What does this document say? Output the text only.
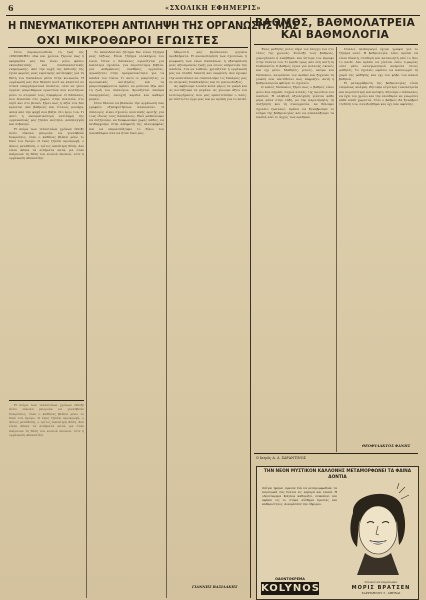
6	«ΣΧΟΛΙΚΗ ΕΦΗΜΕΡΙΣ»
Η ΠΝΕΥΜΑΤΙΚΟΤΕΡΗ ΑΝΤΙΛΗΨΗ ΤΗΣ ΟΡΓΑΝΩΣΗΣ ΜΑΣ
ΟΧΙ ΜΙΚΡΟΘΩΡΟΙ ΕΓΩΙΣΤΕΣ

Όσοι παρακολουθούν τη ζωή της «ΣΧΟΛΙΚΗΣ» εδώ και χρόνια, ξέρουν πως η εφημερίδα μας δεν είναι μόνο φύλλο εκπαιδευτικής και συνδικαλιστικής ενημέρωσης. Από την αρχή της έκδοσής της έγινε φορέας μιας ευρύτερης αντίληψης για τη θέση του δασκάλου μέσα στην κοινωνία. Η οργάνωσή μας δεν θέλησε ποτέ να κλειστεί σε στενά επαγγελματικά πλαίσια, ούτε να γίνει όργανο μικροθώρων εγωιστών που κοιτάζουν μόνο το ατομικό τους συμφέρον. Ο δάσκαλος που δουλεύει στο χωριό, στην πολιτεία, στο νησί και στο βουνό, ξέρει πως η αξία του δεν κρίνεται από βαθμούς και τίτλους μονάχα, αλλά από την ψυχή που βάζει στο έργο του. Γι αυτό η πνευματικότερη αντίληψη της οργανώσεώς μας ζητάει ενότητα, αλληλεγγύη και σεβασμό.

Η πείρα των τελευταίων χρόνων έδειξε πόσο εύκολα μπορούν να γεννηθούν διαιρέσεις, όταν ο καθένας βλέπει μόνο το δικό του δρόμο. Ο ένας ζητάει προαγωγή, ο άλλος μετάθεση, ο τρίτος καλύτερη θέση. Δεν είναι άδικα τα αιτήματα αυτά, μα όταν παίρνουν τη θέση του κοινού σκοπού, τότε η οργάνωση αδυνατίζει.

Το εκπαιδευτικό ζήτημα δεν είναι ζήτημα μιας τάξεως. Είναι ζήτημα ολόκληρου του λαού. Όταν ο δάσκαλος αγωνίζεται για καλύτερα σχολεία, για περισσότερα βιβλία, για ανθρώπινες συνθήκες εργασίας, αγωνίζεται στην πραγματικότητα για τα παιδιά του τόπου. Γι αυτό οι μικρότητες, οι προσωπικές αντιζηλίες και τα μικροσυμφέροντα πρέπει να μείνουν έξω από τη ζωή του συλλόγου. Χρειάζεται πνεύμα συνεργασίας, ανοιχτή καρδιά και καθαρό μυαλό.

Όσοι θέλουν να βλέπουν την οργάνωση σαν γραφείο εξυπηρετήσεων πλανώνται. Ο σύλλογος είναι σχολείο πολιτικής αρετής για τους ίδιους τους δασκάλους. Εκεί μαθαίνουμε να συζητούμε, να διαφωνούμε χωρίς πάθος, να πειθαρχούμε στην απόφαση της πλειοψηφίας και να υπερασπίζουμε το δίκιο του συναδέλφου σαν να ήταν δικό μας.

Μπροστά μας βρίσκονται μεγάλα προβλήματα. Η ανοικοδόμηση των σχολείων, η μόρφωση των νέων δασκάλων, η εξασφάλιση μιας αξιοπρεπούς ζωής για όσους υπηρετούν την παιδεία. Για να λυθούν, χρειάζεται η οργάνωσή μας να σταθεί δυνατή και ενωμένη. Δεν έχουμε την πολυτέλεια να σπαταλούμε τις δυνάμεις μας σε ατομικές διεκδικήσεις και σε ματαιοδοξίες.

Ας αφήσουμε λοιπόν κατά μέρος τα μικρά και ας κοιτάξουμε τα μεγάλα. Ας γίνουμε άξιοι του λειτουργήματος που μας εμπιστεύτηκε ο λαός, με πίστη στο έργο μας και με αγάπη για το παιδί.

ΓΙΑΝΝΗΣ ΒΑΣΙΛΑΚΗΣ

Η πείρα των τελευταίων χρόνων έδειξε πόσο εύκολα μπορούν να γεννηθούν διαιρέσεις, όταν ο καθένας βλέπει μόνο το δικό του δρόμο. Ο ένας ζητάει προαγωγή, ο άλλος μετάθεση, ο τρίτος καλύτερη θέση. Δεν είναι άδικα τα αιτήματα αυτά, μα όταν παίρνουν τη θέση του κοινού σκοπού, τότε η οργάνωση αδυνατίζει.

ΒΑΘΜΟΣ, ΒΑΘΜΟΛΑΤΡΕΙΑ
ΚΑΙ ΒΑΘΜΟΛΟΓΙΑ

Ένας μαθητής μόλις πήρε τον έλεγχο του στο τέλος της χρονιάς. Κοίταξε τους βαθμούς, χαμογέλασε ή λυπήθηκε, και ύστερα τον έκρυψε στην τσάντα του. Τι έμαθε όμως από όλη αυτή τη διαδικασία; Ο βαθμός έγινε για πολλούς σκοπός και όχι μέσο. Μαθητές, γονείς, ακόμα και δάσκαλοι, λατρεύουν τον αριθμό και ξεχνούν τη γνώση που υποτίθεται πως εκφράζει. Αυτή η βαθμολατρεία φθείρει το σχολείο.

Ο καλός δάσκαλος ξέρει πως ο βαθμός είναι μόνο ένα σημάδι, συχνά ατελές, της προόδου του παιδιού. Η αληθινή αξιολόγηση γίνεται κάθε μέρα μέσα στην τάξη, με την παρατήρηση, τη συζήτηση και τη συνεργασία. Αν θέλουμε σχολείο ζωντανό, πρέπει να ξαναβρούμε το νόημα της βαθμολογίας και να απαλλάξουμε τα παιδιά από το άγχος των αριθμών.

Πολλοί παιδαγωγοί έχουν γράψει για το ζήτημα αυτό. Η βαθμολογία, λένε, πρέπει να είναι δίκαιη, σταθερή και κατανοητή από το ίδιο το παιδί. Δεν πρέπει να γίνεται όπλο τιμωρίας ούτε μέσο ανταγωνισμού ανάμεσα στους μαθητές. Το σχολείο οφείλει να καλλιεργεί τη χαρά της μάθησης και όχι τον φόβο του κακού βαθμού.

Η μεταρρύθμιση της βαθμολογίας είναι επομένως ανάγκη. Ζητούμε λιγότερη τυπολατρεία και περισσότερη κατανόηση. Ζητούμε ο δάσκαλος να έχει τον χρόνο και την ελευθερία να γνωρίσει κάθε παιδί χωριστά. Τότε ο βαθμός θα ξαναβρεί τη θέση του, σαν βοήθημα και όχι σαν αφέντης.

ΘΕΟΦΥΛΑΚΤΟΣ ΦΑΝΗΣ
Ο Ιατρός Α. Δ. ΣΑΡΑΝΤΙΝΟΣ
ΤΗΝ ΝΕΟΝ ΜΥΣΤΙΚΟΝ ΚΑΛΛΟΝΗΣ ΜΕΤΑΜΟΡΦΩΝΕΙ ΤΑ ΦΑΙΝΑ ΔΟΝΤΙΑ
Ολίγαι ημέραι αρκούν διά να μεταμορφωθούν τα κιτρινωπά σας δόντια εις λαμπρά και λευκά. Η οδοντόκρεμα Kolynos καθαρίζει, λευκαίνει και αφήνει εις το στόμα αίσθημα δροσιάς και καθαριότητος. Δοκιμάσατέ την σήμερον.
ΟΔΟΝΤΟΚΡΕΜΑ
KOLYNOS
Γενικοί αντιπρόσωποι
ΜΟΡΙΣ ΒΡΑΤΣΕΝ
ΣΑΡΡΙΔΗΝΟΥ 3 · ΑΘΗΝΑΙ
